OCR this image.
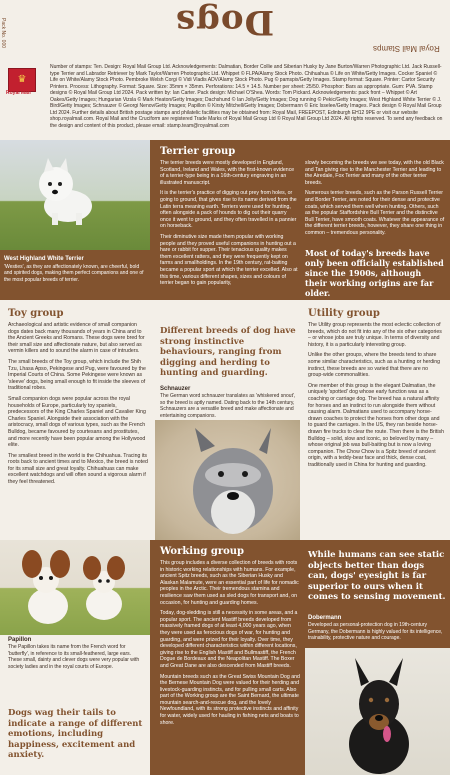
Dogs
Royal Mail Stamps
Pack No. 000
♛
Royal Mail
Number of stamps: Ten. Design: Royal Mail Group Ltd. Acknowledgements: Dalmatian, Border Collie and Siberian Husky by Jane Burton/Warren Photographic Ltd. Jack Russell-type Terrier and Labrador Retriever by Mark Taylor/Warren Photographic Ltd. Whippet © FLPA/Alamy Stock Photo. Chihuahua © Life on White/Getty Images. Cocker Spaniel © Life on White/Alamy Stock Photo. Pembroke Welsh Corgi © Vidi Vladis ADV/Alamy Stock Photo. Pug © pamspix/Getty Images. Stamp format: Square. Printer: Cartor Security Printers. Process: Lithography. Format: Square. Size: 35mm × 35mm. Perforations: 14.5 × 14.5. Number per sheet: 25/50. Phosphor: Bars as appropriate. Gum: PVA. Stamp designs © Royal Mail Group Ltd 2024. Pack written by: Ian Carter. Pack design: Michael O'Shea. Words: Tom Pickard. Acknowledgements: pack front – Whippet © Art Oakes/Getty Images; Hungarian Vizsla © Mark Heaton/Getty Images; Dachshund © Ian Jolly/Getty Images; Dog running © Pekic/Getty Images; West Highland White Terrier © J. Bird/Getty Images; Schnauzer © Georgi Nenov/Getty Images; Papillon © Kirsty Mitchell/Getty Images; Dobermann © Eric Isselee/Getty Images. Pack design © Royal Mail Group Ltd 2024. Further details about British postage stamps and philatelic facilities may be obtained from: Royal Mail, FREEPOST, Edinburgh EH12 9PE or visit our website shop.royalmail.com. Royal Mail and the Cruciform are registered Trade Marks of Royal Mail Group Ltd © Royal Mail Group Ltd 2024. All rights reserved. To send any feedback on the design and content of this product, please email: stamp.team@royalmail.com
West Highland White Terrier
'Westies', as they are affectionately known, are cheerful, bold and spirited dogs, making them perfect companions and one of the most popular breeds of terrier.
Terrier group

The terrier breeds were mostly developed in England, Scotland, Ireland and Wales, with the first-known evidence of a terrier-type being in a 16th-century engraving in an illustrated manuscript.

It is the terrier's practice of digging out prey from holes, or going to ground, that gives rise to its name derived from the Latin terra meaning earth. Terriers were used for hunting, often alongside a pack of hounds to dig out their quarry once it went to ground, and they often travelled in a pannier on horseback.

Their diminutive size made them popular with working people and they proved useful companions in hunting out a hare or rabbit for supper. Their tenacious quality makes them excellent ratters, and they were frequently kept on farms and smallholdings. In the 19th century, rat-baiting became a popular sport at which the terrier excelled. Also at this time, various different shapes, sizes and colours of terrier began to gain popularity,

slowly becoming the breeds we see today, with the old Black and Tan giving rise to the Manchester Terrier and leading to the Airedale, Fox Terrier and many of the other terrier breeds.

Numerous terrier breeds, such as the Parson Russell Terrier and Border Terrier, are noted for their dense and protective coats, which served them well when hunting. Others, such as the popular Staffordshire Bull Terrier and the distinctive Bull Terrier, have smooth coats. Whatever the appearance of the different terrier breeds, however, they share one thing in common – tremendous personality.

Most of today's breeds have only been officially established since the 1900s, although their working origins are far older.
Toy group

Archaeological and artistic evidence of small companion dogs dates back many thousands of years in China and to the Ancient Greeks and Romans. These dogs were bred for their small size and affectionate nature, but also served as vermin killers and to sound the alarm in case of intruders.

The small breeds of the Toy group, which include the Shih Tzu, Lhasa Apso, Pekingese and Pug, were favoured by the Imperial Courts of China. Some Pekingese were known as 'sleeve' dogs, being small enough to fit inside the sleeves of traditional robes.

Small companion dogs were popular across the royal households of Europe, particularly toy spaniels, predecessors of the King Charles Spaniel and Cavalier King Charles Spaniel. Alongside their association with the aristocracy, small dogs of various types, such as the French Bulldog, became favoured by courtesans and prostitutes, and more recently have been popular among the Hollywood elite.

The smallest breed in the world is the Chihuahua. Tracing its roots back to ancient times and to Mexico, the breed is noted for its small size and great loyalty. Chihuahuas can make excellent watchdogs and will often sound a vigorous alarm if they feel threatened.

Different breeds of dog have strong instinctive behaviours, ranging from digging and herding to hunting and guarding.
Schnauzer
The German word schnauzer translates as 'whiskered snout', so the breed is aptly named. Dating back to the 14th century, Schnauzers are a versatile breed and make affectionate and entertaining companions.
Utility group

The Utility group represents the most eclectic collection of breeds, which do not fit into any of the six other categories – or whose jobs are truly unique. In terms of diversity and history, it is a particularly interesting group.

Unlike the other groups, where the breeds tend to share some similar characteristics, such as a hunting or herding instinct, these breeds are so varied that there are no group-wide commonalities.

One member of this group is the elegant Dalmatian, the uniquely 'spotted' dog whose early function was as a coaching or carriage dog. The breed has a natural affinity for horses and an instinct to run alongside them without causing alarm. Dalmatians used to accompany horse-drawn coaches to protect the horses from other dogs and to guard the carriages. In the US, they ran beside horse-drawn fire trucks to clear the route. Then there is the British Bulldog – solid, slow and iconic, so beloved by many – whose original job was bull-baiting but is now a loving companion. The Chow Chow is a Spitz breed of ancient origin, with a teddy-bear face and thick, dense coat, traditionally used in China for hunting and guarding.

Papillon
The Papillon takes its name from the French word for 'butterfly', in reference to its small-feathered, large ears. These small, dainty and clever dogs were very popular with society ladies and in the royal courts of Europe.
Dogs wag their tails to indicate a range of different emotions, including happiness, excitement and anxiety.
Working group

This group includes a diverse collection of breeds with roots in historic working relationships with humans. For example, ancient Spitz breeds, such as the Siberian Husky and Alaskan Malamute, were an essential part of life for nomadic peoples in the Arctic. Their tremendous stamina and resilience saw them used as sled dogs for transport and, on occasion, for hunting and guarding homes.

Today, dog-sledding is still a necessity in some areas, and a popular sport. The ancient Mastiff breeds developed from massively framed dogs of at least 4,000 years ago, when they were used as ferocious dogs of war, for hunting and guarding, and were prized for their loyalty. Over time, they developed different characteristics within different locations, giving rise to the English Mastiff and Bullmastiff, the French Dogue de Bordeaux and the Neapolitan Mastiff. The Boxer and Great Dane are also descended from Mastiff breeds.

Mountain breeds such as the Great Swiss Mountain Dog and the Bernese Mountain Dog were valued for their herding and livestock-guarding instincts, and for pulling small carts. Also part of the Working group are the Saint Bernard, the ultimate mountain search-and-rescue dog, and the lovely Newfoundland, with its strong protective instincts and affinity for water, widely used for hauling in fishing nets and boats to shore.

While humans can see static objects better than dogs can, dogs' eyesight is far superior to ours when it comes to sensing movement.
Dobermann
Developed as personal-protection dog in 19th-century Germany, the Dobermann is highly valued for its intelligence, trainability, protective nature and courage.
